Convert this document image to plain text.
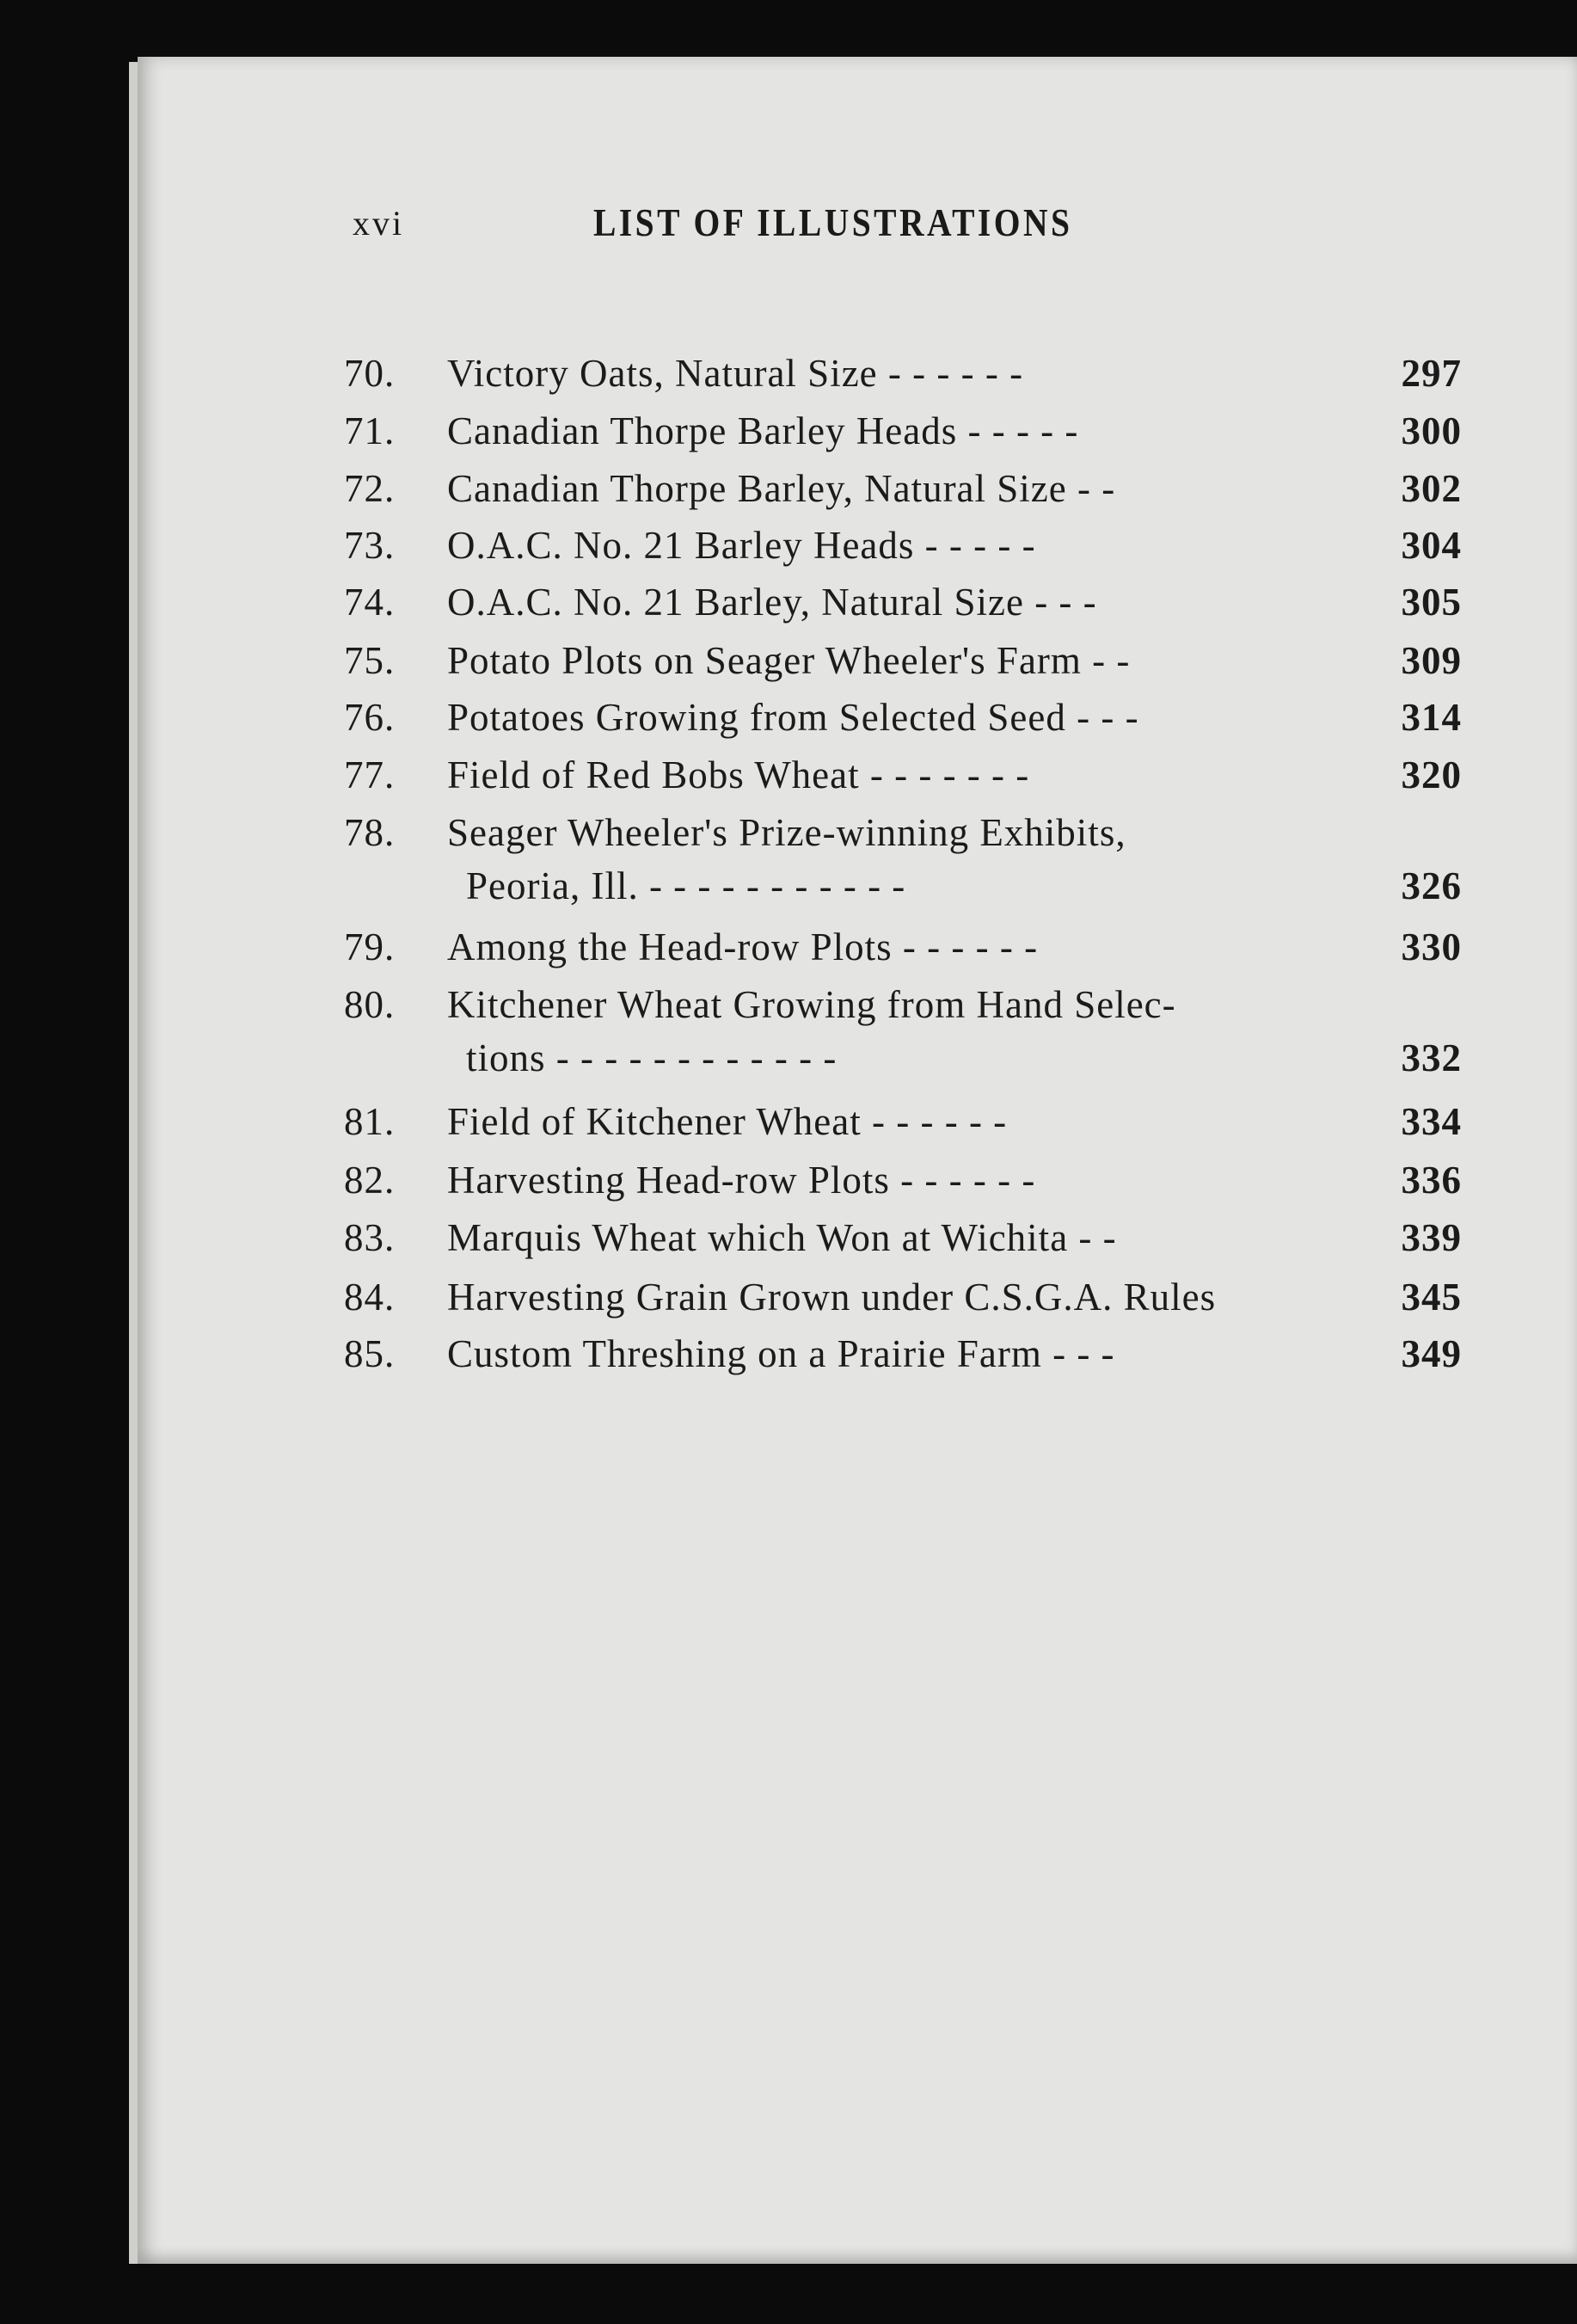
xvi	LIST OF ILLUSTRATIONS
70.	Victory Oats, Natural Size - - - - - -	297
71.	Canadian Thorpe Barley Heads - - - - -	300
72.	Canadian Thorpe Barley, Natural Size - -	302
73.	O.A.C. No. 21 Barley Heads - - - - -	304
74.	O.A.C. No. 21 Barley, Natural Size - - -	305
75.	Potato Plots on Seager Wheeler's Farm - -	309
76.	Potatoes Growing from Selected Seed - - -	314
77.	Field of Red Bobs Wheat - - - - - - -	320
78.	Seager Wheeler's Prize-winning Exhibits,
Peoria, Ill. - - - - - - - - - - -	326
79.	Among the Head-row Plots - - - - - -	330
80.	Kitchener Wheat Growing from Hand Selec-
tions - - - - - - - - - - - -	332
81.	Field of Kitchener Wheat - - - - - -	334
82.	Harvesting Head-row Plots - - - - - -	336
83.	Marquis Wheat which Won at Wichita - -	339
84.	Harvesting Grain Grown under C.S.G.A. Rules	345
85.	Custom Threshing on a Prairie Farm - - -	349
